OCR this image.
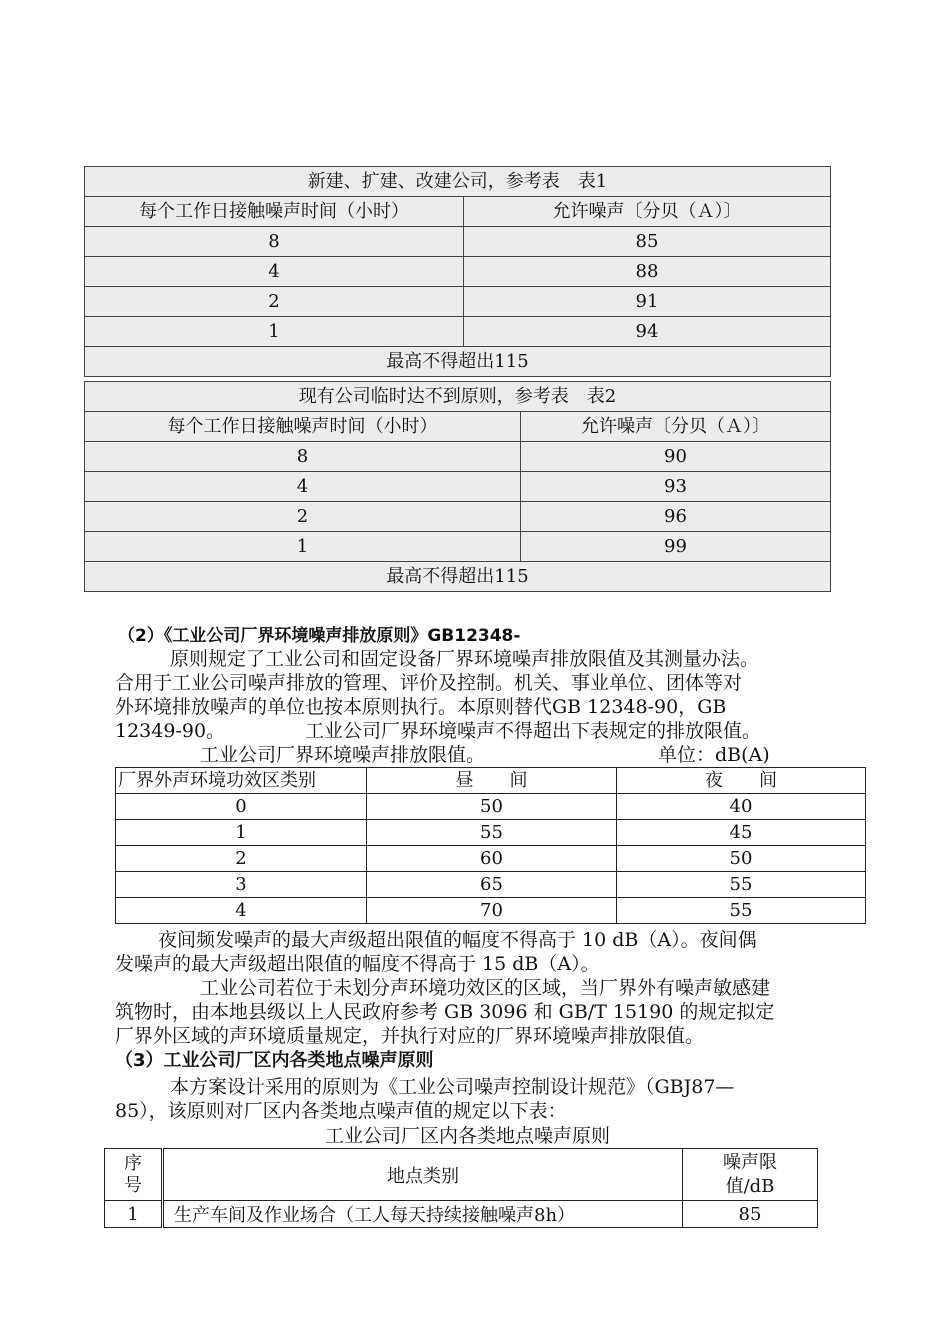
新建、扩建、改建公司，参考表　表1	
每个工作日接触噪声时间（小时）	允许噪声〔分贝（Ａ）〕
8	85
4	88
2	91
1	94
最高不得超出115	
现有公司临时达不到原则，参考表　表2	
每个工作日接触噪声时间（小时）	允许噪声〔分贝（Ａ）〕
8	90
4	93
2	96
1	99
最高不得超出115	
（2）《工业公司厂界环境噪声排放原则》GB12348-
原则规定了工业公司和固定设备厂界环境噪声排放限值及其测量办法。
合用于工业公司噪声排放的管理、评价及控制。机关、事业单位、团体等对
外环境排放噪声的单位也按本原则执行。本原则替代GB 12348-90，GB
12349-90。	工业公司厂界环境噪声不得超出下表规定的排放限值。
工业公司厂界环境噪声排放限值。	单位：dB(A)
厂界外声环境功效区类别	昼　　间	夜　　间
0	50	40
1	55	45
2	60	50
3	65	55
4	70	55
夜间频发噪声的最大声级超出限值的幅度不得高于 10 dB（A）。夜间偶
发噪声的最大声级超出限值的幅度不得高于 15 dB（A）。
工业公司若位于未划分声环境功效区的区域，当厂界外有噪声敏感建
筑物时，由本地县级以上人民政府参考 GB 3096 和 GB/T 15190 的规定拟定
厂界外区域的声环境质量规定，并执行对应的厂界环境噪声排放限值。
（3）工业公司厂区内各类地点噪声原则
本方案设计采用的原则为《工业公司噪声控制设计规范》（GBJ87—
85），该原则对厂区内各类地点噪声值的规定以下表：
工业公司厂区内各类地点噪声原则
序号	地点类别	噪声限值/dB

1	生产车间及作业场合（工人每天持续接触噪声8h）	85
